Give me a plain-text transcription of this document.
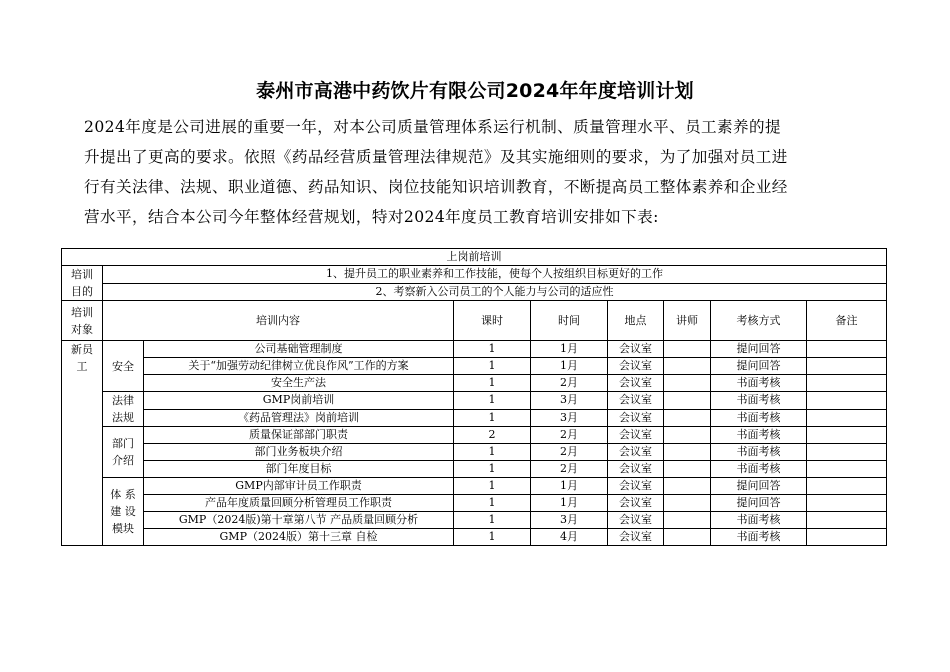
泰州市高港中药饮片有限公司2024年年度培训计划

2024年度是公司进展的重要一年，对本公司质量管理体系运行机制、质量管理水平、员工素养的提

升提出了更高的要求。依照《药品经营质量管理法律规范》及其实施细则的要求，为了加强对员工进

行有关法律、法规、职业道德、药品知识、岗位技能知识培训教育，不断提高员工整体素养和企业经

营水平，结合本公司今年整体经营规划，特对2024年度员工教育培训安排如下表:

上岗前培训								
培训
目的	1、提升员工的职业素养和工作技能，使每个人按组织目标更好的工作							
	2、考察新入公司员工的个人能力与公司的适应性							
培训
对象	培训内容		课时	时间	地点	讲师	考核方式	备注
新员
工	安全	公司基础管理制度	1	1月	会议室		提问回答	
		关于“加强劳动纪律树立优良作风”工作的方案	1	1月	会议室		提问回答	
		安全生产法	1	2月	会议室		书面考核	
	法律
法规	GMP岗前培训	1	3月	会议室		书面考核	
		《药品管理法》岗前培训	1	3月	会议室		书面考核	
	部门
介绍	质量保证部部门职责	2	2月	会议室		书面考核	
		部门业务板块介绍	1	2月	会议室		书面考核	
		部门年度目标	1	2月	会议室		书面考核	
	体 系
建 设
模块	GMP内部审计员工作职责	1	1月	会议室		提问回答	
		产品年度质量回顾分析管理员工作职责	1	1月	会议室		提问回答	
		GMP（2024版)第十章第八节 产品质量回顾分析	1	3月	会议室		书面考核	
		GMP（2024版）第十三章 自检	1	4月	会议室		书面考核	
